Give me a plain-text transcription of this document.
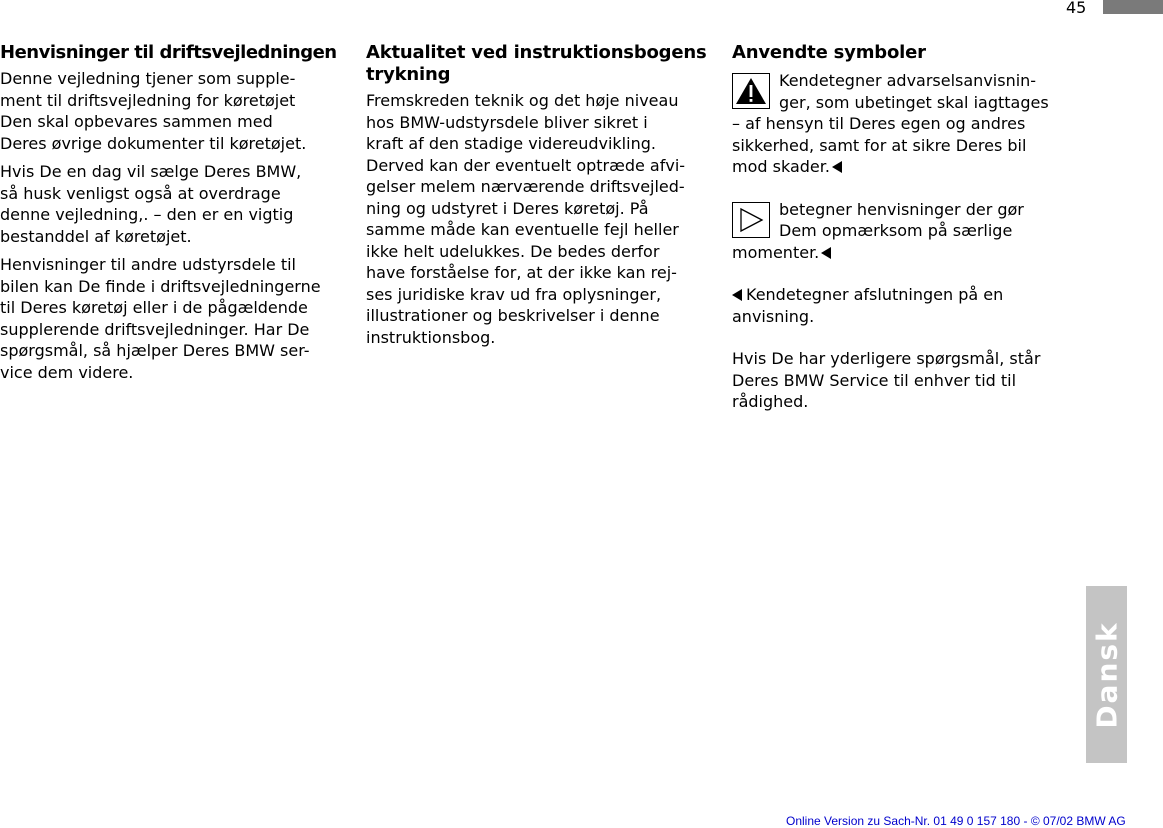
45
Henvisninger til driftsvejledningen

Denne vejledning tjener som supple-
ment til driftsvejledning for køretøjet
Den skal opbevares sammen med
Deres øvrige dokumenter til køretøjet.

Hvis De en dag vil sælge Deres BMW,
så husk venligst også at overdrage
denne vejledning,. – den er en vigtig
bestanddel af køretøjet.

Henvisninger til andre udstyrsdele til
bilen kan De finde i driftsvejledningerne
til Deres køretøj eller i de pågældende
supplerende driftsvejledninger. Har De
spørgsmål, så hjælper Deres BMW ser-
vice dem videre.

Aktualitet ved instruktionsbogens
trykning

Fremskreden teknik og det høje niveau
hos BMW-udstyrsdele bliver sikret i
kraft af den stadige videreudvikling.
Derved kan der eventuelt optræde afvi-
gelser melem nærværende driftsvejled-
ning og udstyret i Deres køretøj. På
samme måde kan eventuelle fejl heller
ikke helt udelukkes. De bedes derfor
have forståelse for, at der ikke kan rej-
ses juridiske krav ud fra oplysninger,
illustrationer og beskrivelser i denne
instruktionsbog.

Anvendte symboler
Kendetegner advarselsanvisnin-
ger, som ubetinget skal iagttages
– af hensyn til Deres egen og andres
sikkerhed, samt for at sikre Deres bil
mod skader.
betegner henvisninger der gør
Dem opmærksom på særlige
momenter.
Kendetegner afslutningen på en
anvisning.
Hvis De har yderligere spørgsmål, står
Deres BMW Service til enhver tid til
rådighed.
Dansk
Online Version zu Sach-Nr. 01 49 0 157 180 - © 07/02 BMW AG
